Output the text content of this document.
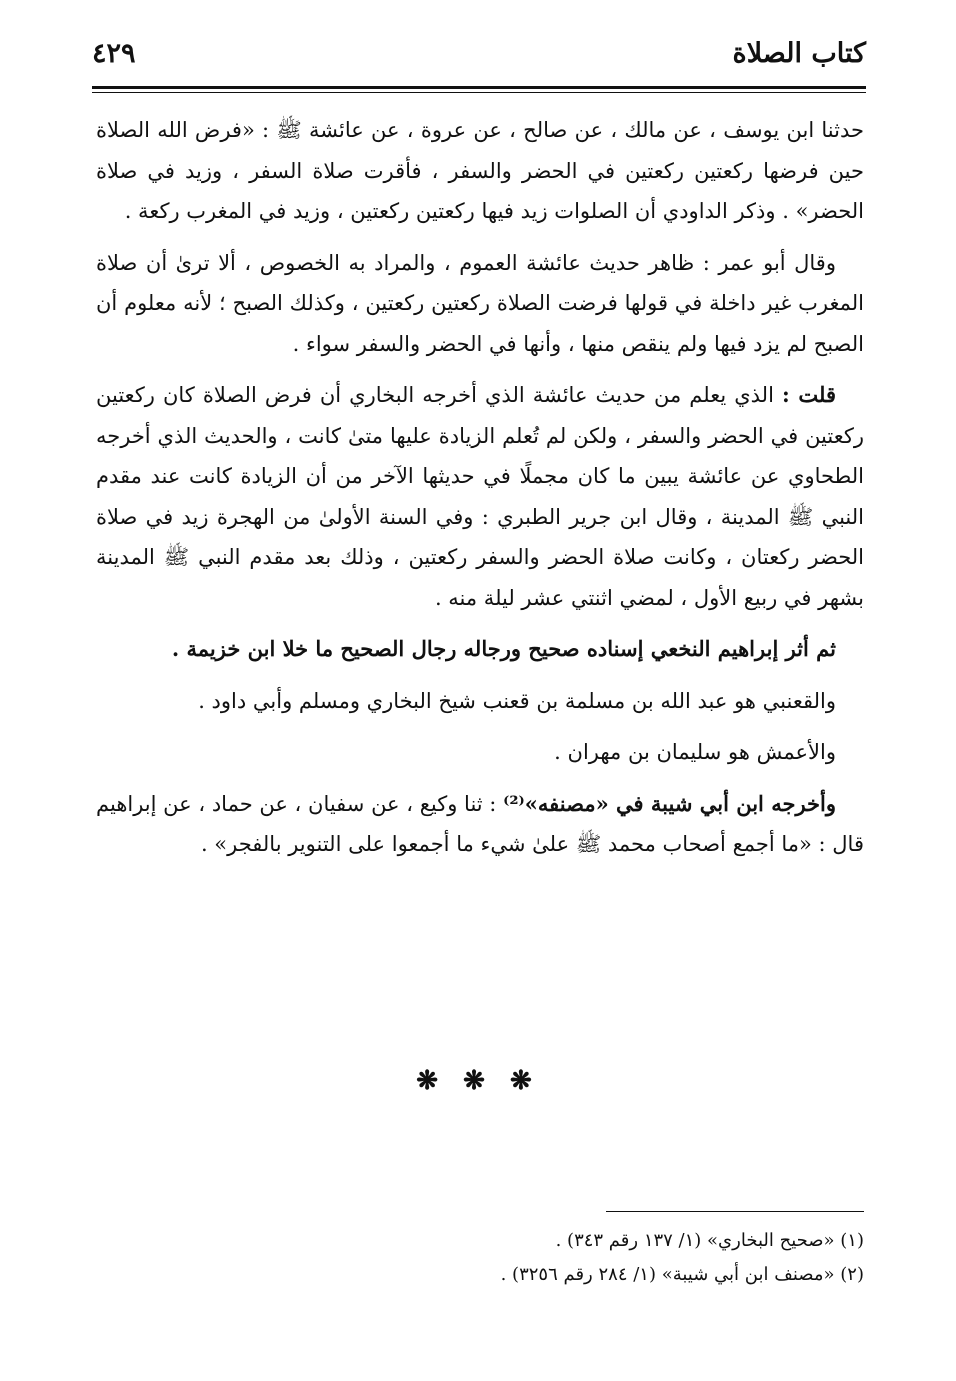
كتاب الصلاة
٤٢٩

حدثنا ابن يوسف ، عن مالك ، عن صالح ، عن عروة ، عن عائشة ﷺ : «فرض الله الصلاة حين فرضها ركعتين ركعتين في الحضر والسفر ، فأقرت صلاة السفر ، وزيد في صلاة الحضر» . وذكر الداودي أن الصلوات زيد فيها ركعتين ركعتين ، وزيد في المغرب ركعة .

وقال أبو عمر : ظاهر حديث عائشة العموم ، والمراد به الخصوص ، ألا ترىٰ أن صلاة المغرب غير داخلة في قولها فرضت الصلاة ركعتين ركعتين ، وكذلك الصبح ؛ لأنه معلوم أن الصبح لم يزد فيها ولم ينقص منها ، وأنها في الحضر والسفر سواء .

قلت : الذي يعلم من حديث عائشة الذي أخرجه البخاري أن فرض الصلاة كان ركعتين ركعتين في الحضر والسفر ، ولكن لم تُعلم الزيادة عليها متىٰ كانت ، والحديث الذي أخرجه الطحاوي عن عائشة يبين ما كان مجملًا في حديثها الآخر من أن الزيادة كانت عند مقدم النبي ﷺ المدينة ، وقال ابن جرير الطبري : وفي السنة الأولىٰ من الهجرة زيد في صلاة الحضر ركعتان ، وكانت صلاة الحضر والسفر ركعتين ، وذلك بعد مقدم النبي ﷺ المدينة بشهر في ربيع الأول ، لمضي اثنتي عشر ليلة منه .

ثم أثر إبراهيم النخعي إسناده صحيح ورجاله رجال الصحيح ما خلا ابن خزيمة .

والقعنبي هو عبد الله بن مسلمة بن قعنب شيخ البخاري ومسلم وأبي داود .

والأعمش هو سليمان بن مهران .

وأخرجه ابن أبي شيبة في «مصنفه»⁽²⁾ : ثنا وكيع ، عن سفيان ، عن حماد ، عن إبراهيم قال : «ما أجمع أصحاب محمد ﷺ علىٰ شيء ما أجمعوا على التنوير بالفجر» .

❋ ❋ ❋

(١) «صحيح البخاري» (١/ ١٣٧ رقم ٣٤٣) .

(٢) «مصنف ابن أبي شيبة» (١/ ٢٨٤ رقم ٣٢٥٦) .
